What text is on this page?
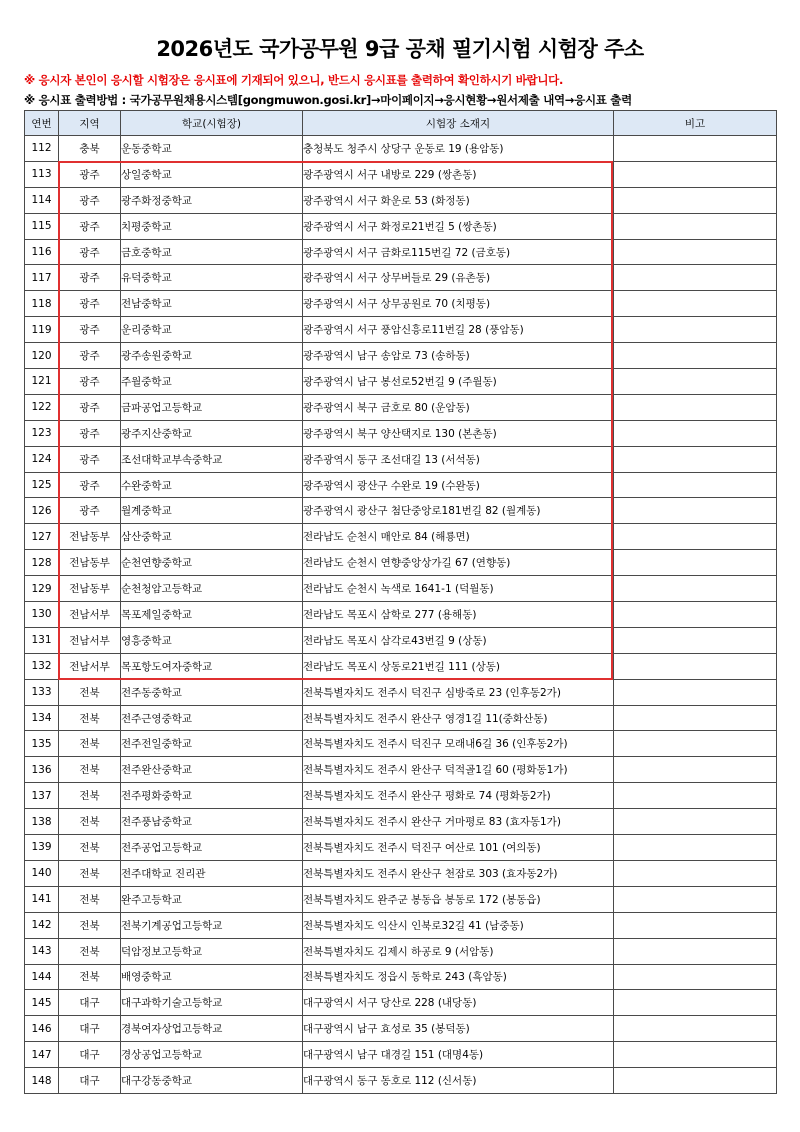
2026년도 국가공무원 9급 공채 필기시험 시험장 주소
※ 응시자 본인이 응시할 시험장은 응시표에 기재되어 있으니, 반드시 응시표를 출력하여 확인하시기 바랍니다.
※ 응시표 출력방법 : 국가공무원채용시스템[gongmuwon.gosi.kr]→마이페이지→응시현황→원서제출 내역→응시표 출력
연번	지역	학교(시험장)	시험장 소재지	비고
112	충북	운동중학교	충청북도 청주시 상당구 운동로 19 (용암동)	
113	광주	상일중학교	광주광역시 서구 내방로 229 (쌍촌동)	
114	광주	광주화정중학교	광주광역시 서구 화운로 53 (화정동)	
115	광주	치평중학교	광주광역시 서구 화정로21번길 5 (쌍촌동)	
116	광주	금호중학교	광주광역시 서구 금화로115번길 72 (금호동)	
117	광주	유덕중학교	광주광역시 서구 상무버들로 29 (유촌동)	
118	광주	전남중학교	광주광역시 서구 상무공원로 70 (치평동)	
119	광주	운리중학교	광주광역시 서구 풍암신흥로11번길 28 (풍암동)	
120	광주	광주송원중학교	광주광역시 남구 송암로 73 (송하동)	
121	광주	주월중학교	광주광역시 남구 봉선로52번길 9 (주월동)	
122	광주	금파공업고등학교	광주광역시 북구 금호로 80 (운암동)	
123	광주	광주지산중학교	광주광역시 북구 양산택지로 130 (본촌동)	
124	광주	조선대학교부속중학교	광주광역시 동구 조선대길 13 (서석동)	
125	광주	수완중학교	광주광역시 광산구 수완로 19 (수완동)	
126	광주	월계중학교	광주광역시 광산구 첨단중앙로181번길 82 (월계동)	
127	전남동부	삼산중학교	전라남도 순천시 매안로 84 (해룡면)	
128	전남동부	순천연향중학교	전라남도 순천시 연향중앙상가길 67 (연향동)	
129	전남동부	순천청암고등학교	전라남도 순천시 녹색로 1641-1 (덕월동)	
130	전남서부	목포제일중학교	전라남도 목포시 삼학로 277 (용해동)	
131	전남서부	영흥중학교	전라남도 목포시 삼각로43번길 9 (상동)	
132	전남서부	목포항도여자중학교	전라남도 목포시 상동로21번길 111 (상동)	
133	전북	전주동중학교	전북특별자치도 전주시 덕진구 심방죽로 23 (인후동2가)	
134	전북	전주근영중학교	전북특별자치도 전주시 완산구 영경1길 11(중화산동)	
135	전북	전주전일중학교	전북특별자치도 전주시 덕진구 모래내6길 36 (인후동2가)	
136	전북	전주완산중학교	전북특별자치도 전주시 완산구 덕적골1길 60 (평화동1가)	
137	전북	전주평화중학교	전북특별자치도 전주시 완산구 평화로 74 (평화동2가)	
138	전북	전주풍남중학교	전북특별자치도 전주시 완산구 거마평로 83 (효자동1가)	
139	전북	전주공업고등학교	전북특별자치도 전주시 덕진구 여산로 101 (여의동)	
140	전북	전주대학교 진리관	전북특별자치도 전주시 완산구 천잠로 303 (효자동2가)	
141	전북	완주고등학교	전북특별자치도 완주군 봉동읍 봉동로 172 (봉동읍)	
142	전북	전북기계공업고등학교	전북특별자치도 익산시 인북로32길 41 (남중동)	
143	전북	덕암정보고등학교	전북특별자치도 김제시 하공로 9 (서암동)	
144	전북	배영중학교	전북특별자치도 정읍시 동학로 243 (흑암동)	
145	대구	대구과학기술고등학교	대구광역시 서구 당산로 228 (내당동)	
146	대구	경북여자상업고등학교	대구광역시 남구 효성로 35 (봉덕동)	
147	대구	경상공업고등학교	대구광역시 남구 대경길 151 (대명4동)	
148	대구	대구강동중학교	대구광역시 동구 동호로 112 (신서동)	
